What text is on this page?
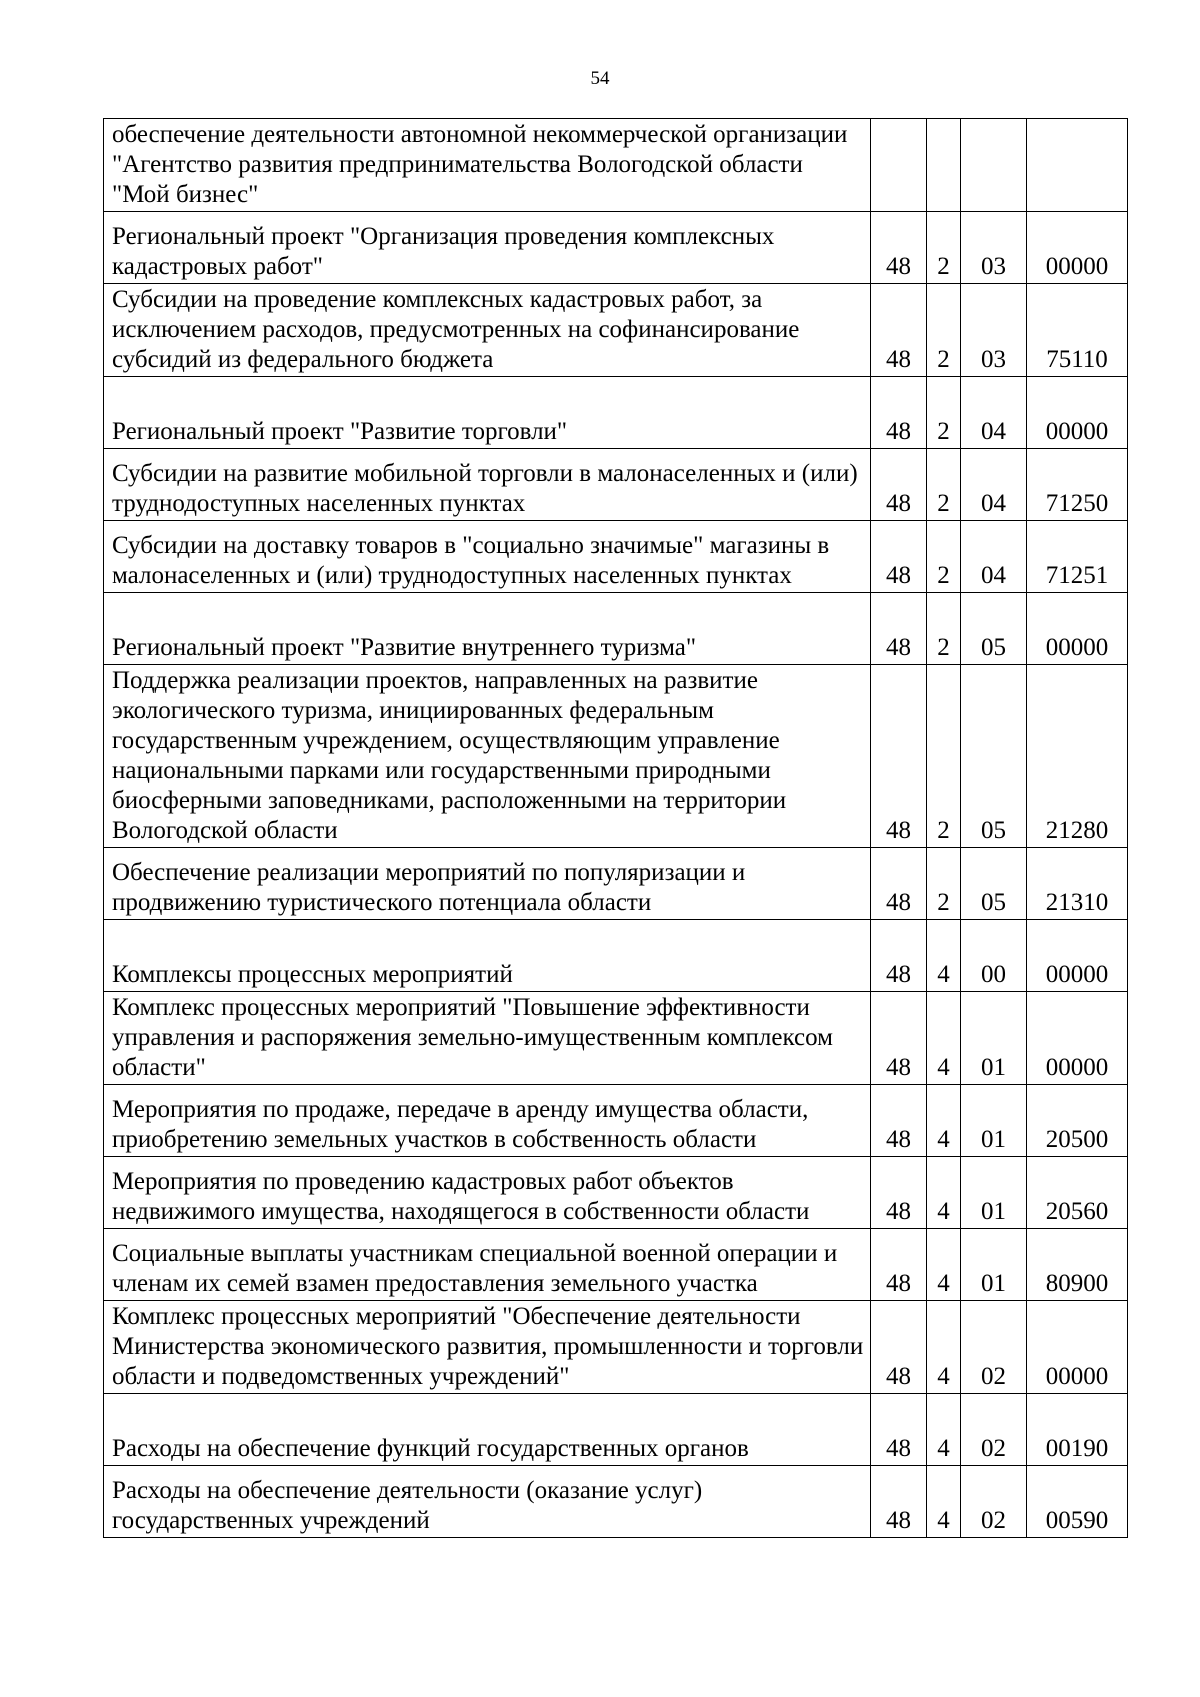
54
обеспечение деятельности автономной некоммерческой организации "Агентство развития предпринимательства Вологодской области "Мой бизнес"				
Региональный проект "Организация проведения комплексных кадастровых работ"	48	2	03	00000
Субсидии на проведение комплексных кадастровых работ, за исключением расходов, предусмотренных на софинансирование субсидий из федерального бюджета	48	2	03	75110
Региональный проект "Развитие торговли"	48	2	04	00000
Субсидии на развитие мобильной торговли в малонаселенных и (или) труднодоступных населенных пунктах	48	2	04	71250
Субсидии на доставку товаров в "социально значимые" магазины в малонаселенных и (или) труднодоступных населенных пунктах	48	2	04	71251
Региональный проект "Развитие внутреннего туризма"	48	2	05	00000
Поддержка реализации проектов, направленных на развитие экологического туризма, инициированных федеральным государственным учреждением, осуществляющим управление национальными парками или государственными природными биосферными заповедниками, расположенными на территории Вологодской области	48	2	05	21280
Обеспечение реализации мероприятий по популяризации и продвижению туристического потенциала области	48	2	05	21310
Комплексы процессных мероприятий	48	4	00	00000
Комплекс процессных мероприятий "Повышение эффективности управления и распоряжения земельно-имущественным комплексом области"	48	4	01	00000
Мероприятия по продаже, передаче в аренду имущества области, приобретению земельных участков в собственность области	48	4	01	20500
Мероприятия по проведению кадастровых работ объектов недвижимого имущества, находящегося в собственности области	48	4	01	20560
Социальные выплаты участникам специальной военной операции и членам их семей взамен предоставления земельного участка	48	4	01	80900
Комплекс процессных мероприятий "Обеспечение деятельности Министерства экономического развития, промышленности и торговли области и подведомственных учреждений"	48	4	02	00000
Расходы на обеспечение функций государственных органов	48	4	02	00190
Расходы на обеспечение деятельности (оказание услуг) государственных учреждений	48	4	02	00590
